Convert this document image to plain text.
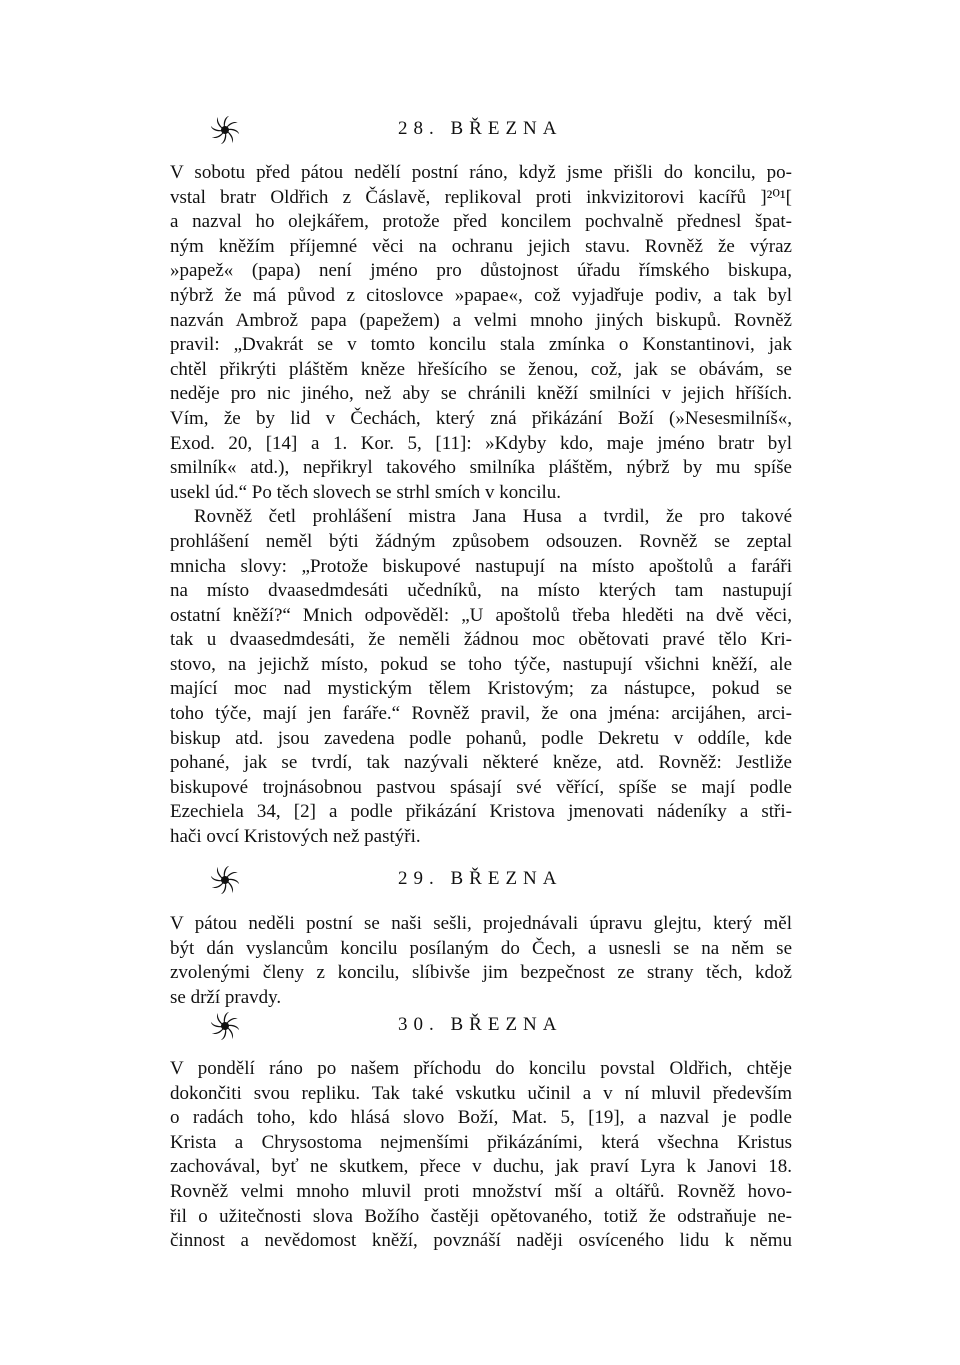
28. BŘEZNA
V sobotu před pátou nedělí postní ráno, když jsme přišli do koncilu, po-
vstal bratr Oldřich z Čáslavě, replikoval proti inkvizitorovi kacířů ]²⁰¹[
a nazval ho olejkářem, protože před koncilem pochvalně přednesl špat-
ným kněžím příjemné věci na ochranu jejich stavu. Rovněž že výraz
»papež« (papa) není jméno pro důstojnost úřadu římského biskupa,
nýbrž že má původ z citoslovce »papae«, což vyjadřuje podiv, a tak byl
nazván Ambrož papa (papežem) a velmi mnoho jiných biskupů. Rovněž
pravil: „Dvakrát se v tomto koncilu stala zmínka o Konstantinovi, jak
chtěl přikrýti pláštěm kněze hřešícího se ženou, což, jak se obávám, se
neděje pro nic jiného, než aby se chránili kněží smilníci v jejich hříších.
Vím, že by lid v Čechách, který zná přikázání Boží (»Nesesmilníš«,
Exod. 20, [14] a 1. Kor. 5, [11]: »Kdyby kdo, maje jméno bratr byl
smilník« atd.), nepřikryl takového smilníka pláštěm, nýbrž by mu spíše
usekl úd.“ Po těch slovech se strhl smích v koncilu.
Rovněž četl prohlášení mistra Jana Husa a tvrdil, že pro takové
prohlášení neměl býti žádným způsobem odsouzen. Rovněž se zeptal
mnicha slovy: „Protože biskupové nastupují na místo apoštolů a faráři
na místo dvaasedmdesáti učedníků, na místo kterých tam nastupují
ostatní kněží?“ Mnich odpověděl: „U apoštolů třeba hleděti na dvě věci,
tak u dvaasedmdesáti, že neměli žádnou moc obětovati pravé tělo Kri-
stovo, na jejichž místo, pokud se toho týče, nastupují všichni kněží, ale
mající moc nad mystickým tělem Kristovým; za nástupce, pokud se
toho týče, mají jen faráře.“ Rovněž pravil, že ona jména: arcijáhen, arci-
biskup atd. jsou zavedena podle pohanů, podle Dekretu v oddíle, kde
pohané, jak se tvrdí, tak nazývali některé kněze, atd. Rovněž: Jestliže
biskupové trojnásobnou pastvou spásají své věřící, spíše se mají podle
Ezechiela 34, [2] a podle přikázání Kristova jmenovati nádeníky a stři-
hači ovcí Kristových než pastýři.
29. BŘEZNA
V pátou neděli postní se naši sešli, projednávali úpravu glejtu, který měl
být dán vyslancům koncilu posílaným do Čech, a usnesli se na něm se
zvolenými členy z koncilu, slíbivše jim bezpečnost ze strany těch, kdož
se drží pravdy.
30. BŘEZNA
V pondělí ráno po našem příchodu do koncilu povstal Oldřich, chtěje
dokončiti svou repliku. Tak také vskutku učinil a v ní mluvil především
o radách toho, kdo hlásá slovo Boží, Mat. 5, [19], a nazval je podle
Krista a Chrysostoma nejmenšími přikázáními, která všechna Kristus
zachovával, byť ne skutkem, přece v duchu, jak praví Lyra k Janovi 18.
Rovněž velmi mnoho mluvil proti množství mší a oltářů. Rovněž hovo-
řil o užitečnosti slova Božího častěji opětovaného, totiž že odstraňuje ne-
činnost a nevědomost kněží, povznáší naději osvíceného lidu k němu
